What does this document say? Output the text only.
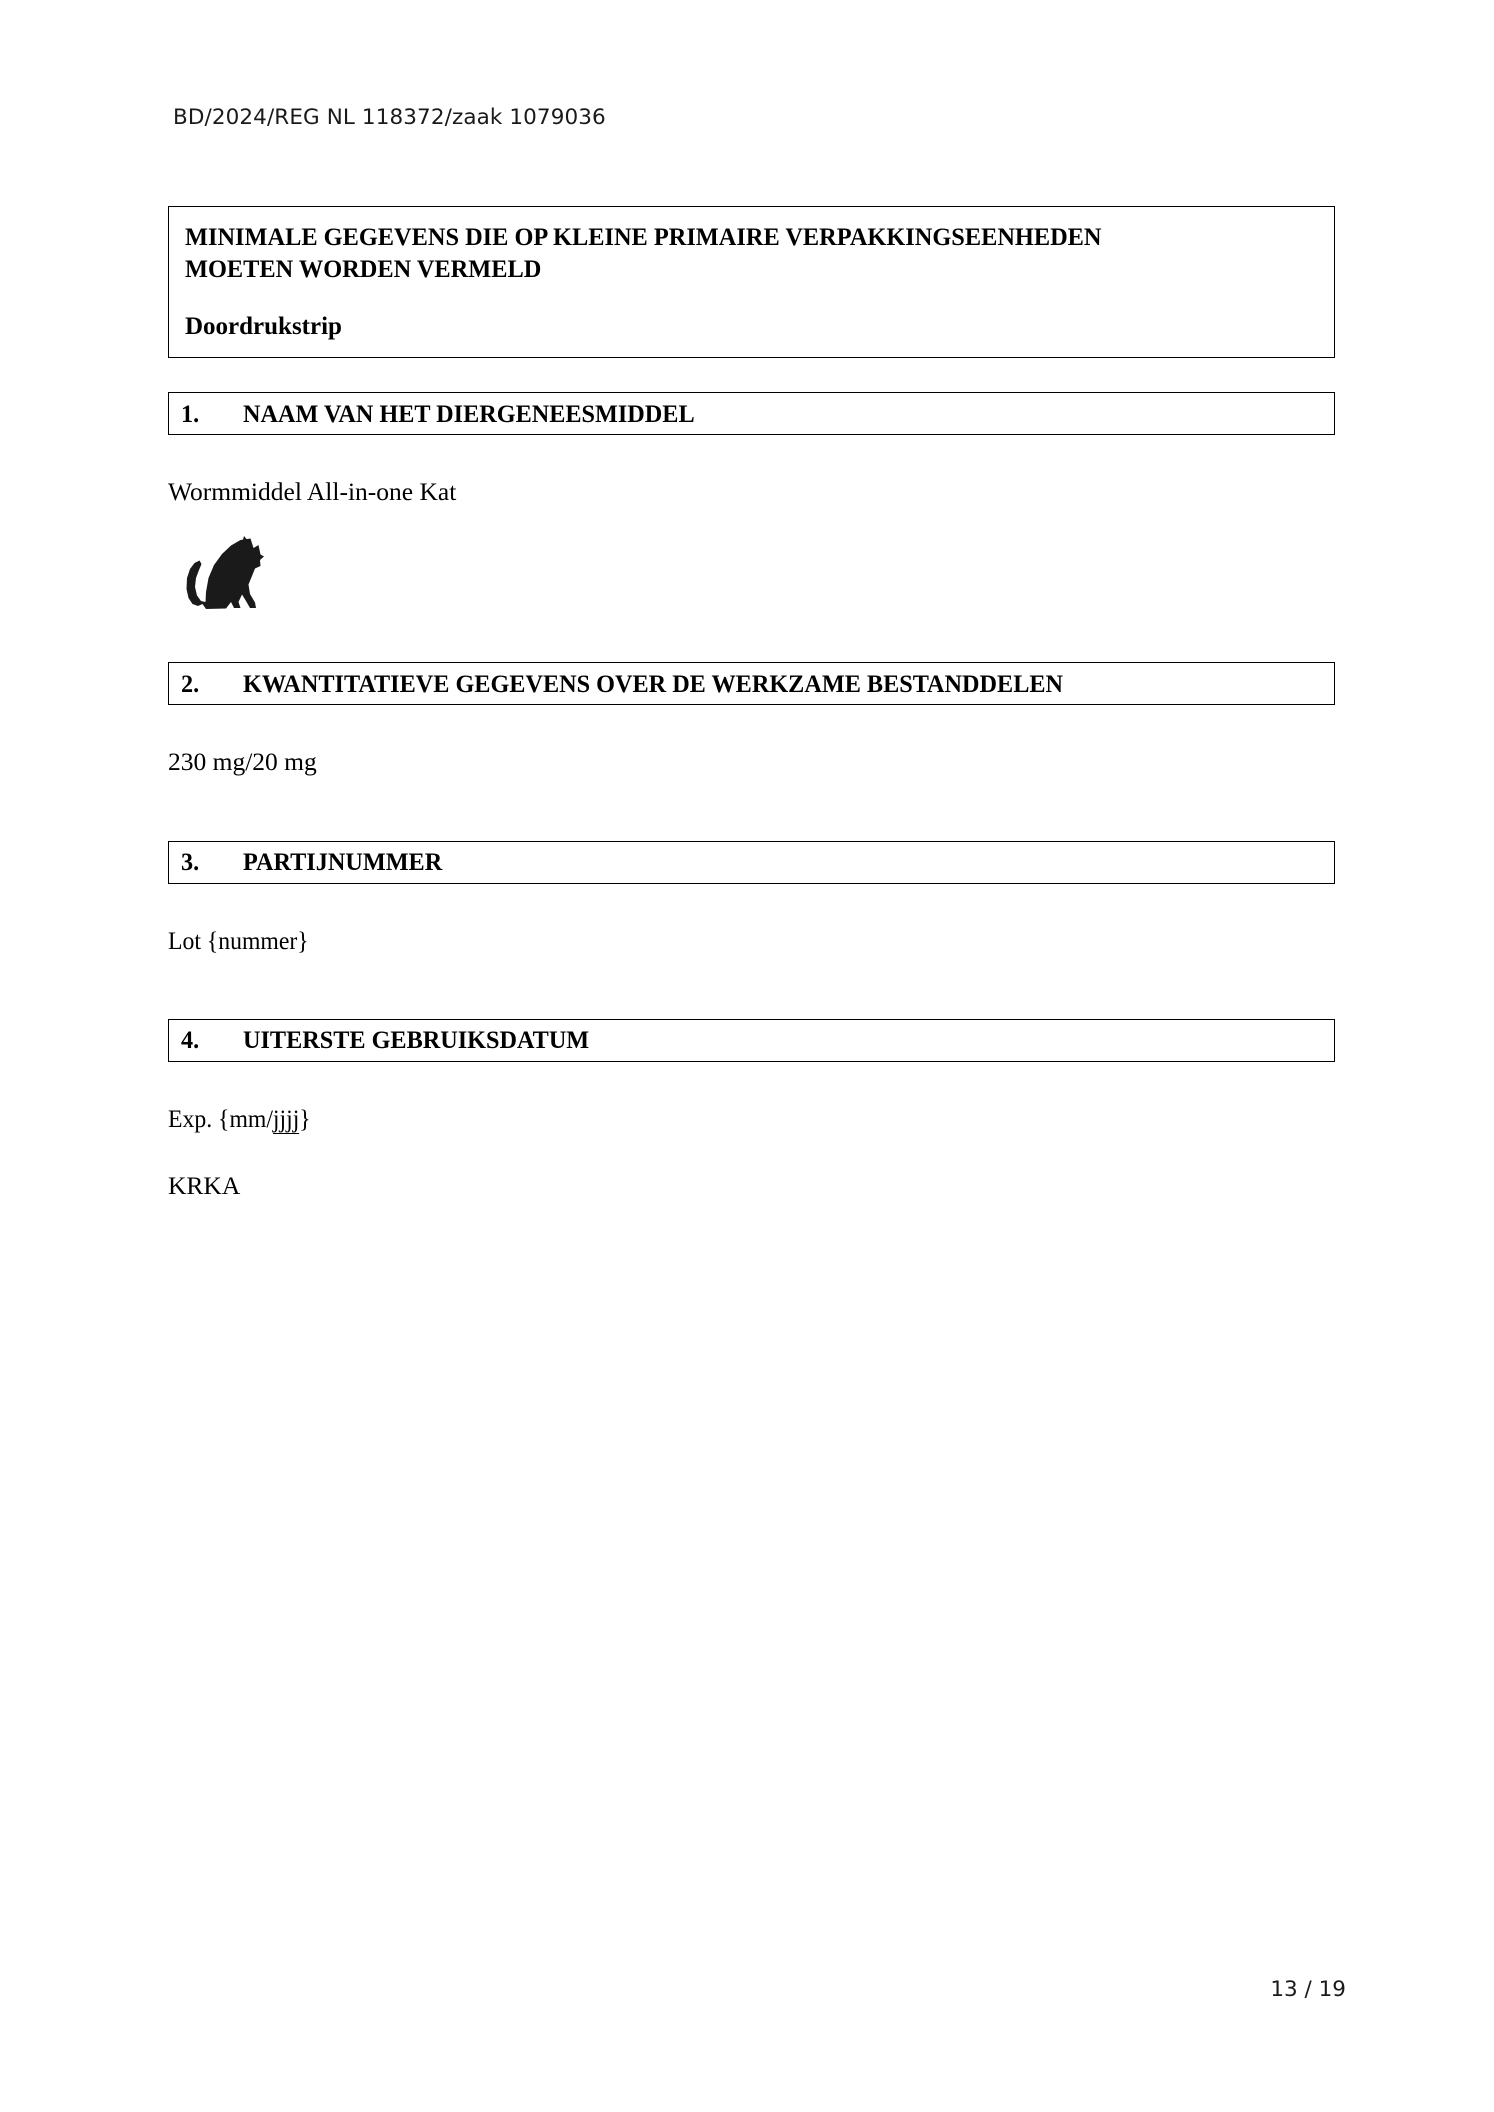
BD/2024/REG NL 118372/zaak 1079036
MINIMALE GEGEVENS DIE OP KLEINE PRIMAIRE VERPAKKINGSEENHEDEN
MOETEN WORDEN VERMELD
Doordrukstrip
1.	NAAM VAN HET DIERGENEESMIDDEL
Wormmiddel All-in-one Kat
2.	KWANTITATIEVE GEGEVENS OVER DE WERKZAME BESTANDDELEN
230 mg/20 mg
3.	PARTIJNUMMER
Lot {nummer}
4.	UITERSTE GEBRUIKSDATUM
Exp. {mm/jjjj}
KRKA
13 / 19
